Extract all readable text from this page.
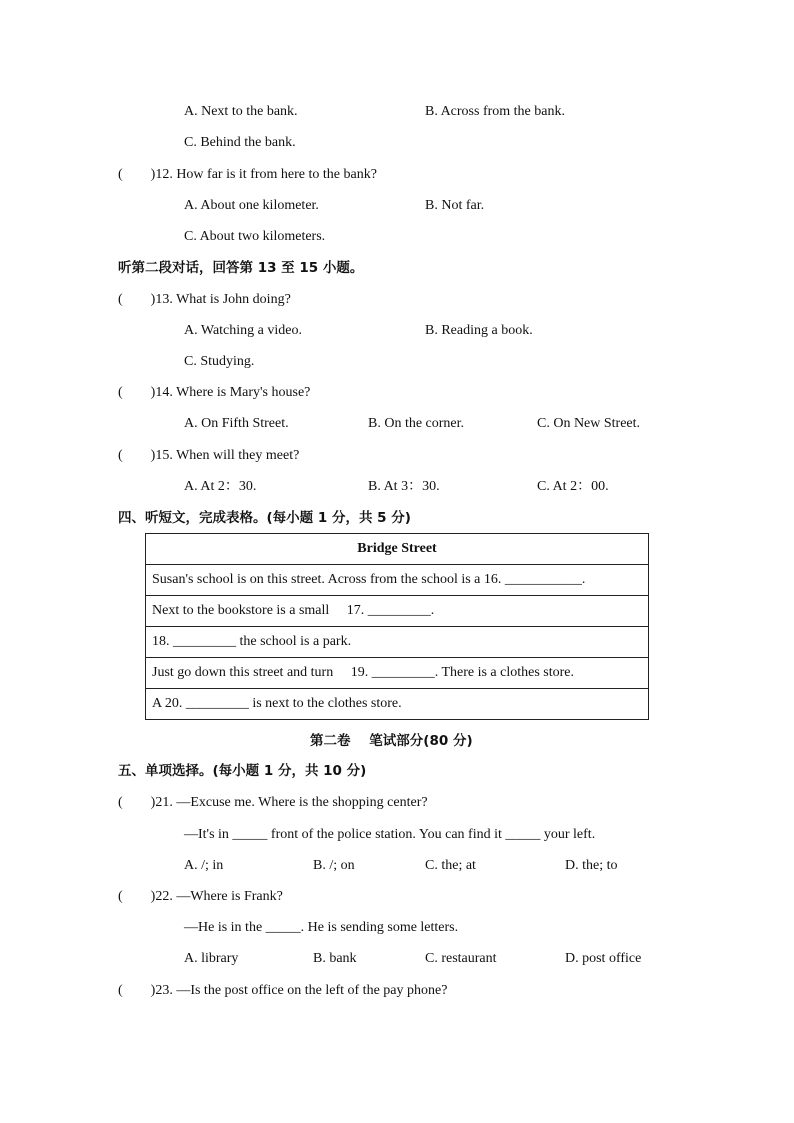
A. Next to the bank.	B. Across from the bank.
C. Behind the bank.
(        )12. How far is it from here to the bank?
A. About one kilometer.	B. Not far.
C. About two kilometers.
听第二段对话，回答第 13 至 15 小题。
(        )13. What is John doing?
A. Watching a video.	B. Reading a book.
C. Studying.
(        )14. Where is Mary's house?
A. On Fifth Street.	B. On the corner.	C. On New Street.
(        )15. When will they meet?
A. At 2：30.	B. At 3：30.	C. At 2：00.
四、听短文，完成表格。(每小题 1 分，共 5 分)
Bridge Street
Susan's school is on this street. Across from the school is a 16. ___________.
Next to the bookstore is a small     17. _________.
18. _________ the school is a park.
Just go down this street and turn     19. _________. There is a clothes store.
A 20. _________ is next to the clothes store.
第二卷    笔试部分(80 分)
五、单项选择。(每小题 1 分，共 10 分)
(        )21. —Excuse me. Where is the shopping center?
—It's in _____ front of the police station. You can find it _____ your left.
A. /; in	B. /; on	C. the; at	D. the; to
(        )22. —Where is Frank?
—He is in the _____. He is sending some letters.
A. library	B. bank	C. restaurant	D. post office
(        )23. —Is the post office on the left of the pay phone?
